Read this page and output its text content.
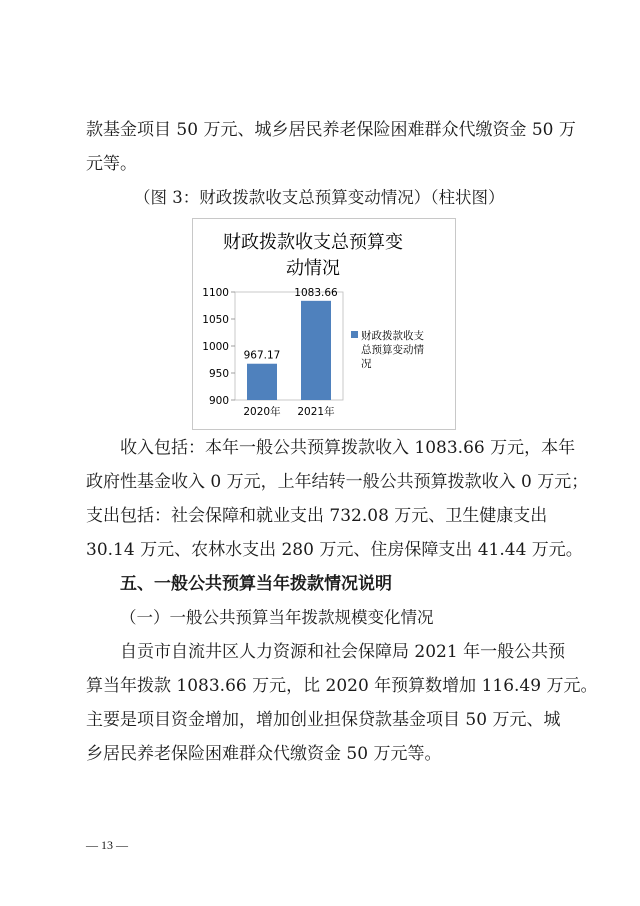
款基金项目 50 万元、城乡居民养老保险困难群众代缴资金 50 万
元等。
（图 3：财政拨款收支总预算变动情况）（柱状图）
财政拨款收支总预算变
动情况
900
950
1000
1050
1100
967.17
2020年
1083.66
2021年
财政拨款收支
总预算变动情
况
收入包括：本年一般公共预算拨款收入 1083.66 万元，本年
政府性基金收入 0 万元，上年结转一般公共预算拨款收入 0 万元；
支出包括：社会保障和就业支出 732.08 万元、卫生健康支出
30.14 万元、农林水支出 280 万元、住房保障支出 41.44 万元。
五、一般公共预算当年拨款情况说明
（一）一般公共预算当年拨款规模变化情况
自贡市自流井区人力资源和社会保障局 2021 年一般公共预
算当年拨款 1083.66 万元，比 2020 年预算数增加 116.49 万元。
主要是项目资金增加，增加创业担保贷款基金项目 50 万元、城
乡居民养老保险困难群众代缴资金 50 万元等。
— 13 —
